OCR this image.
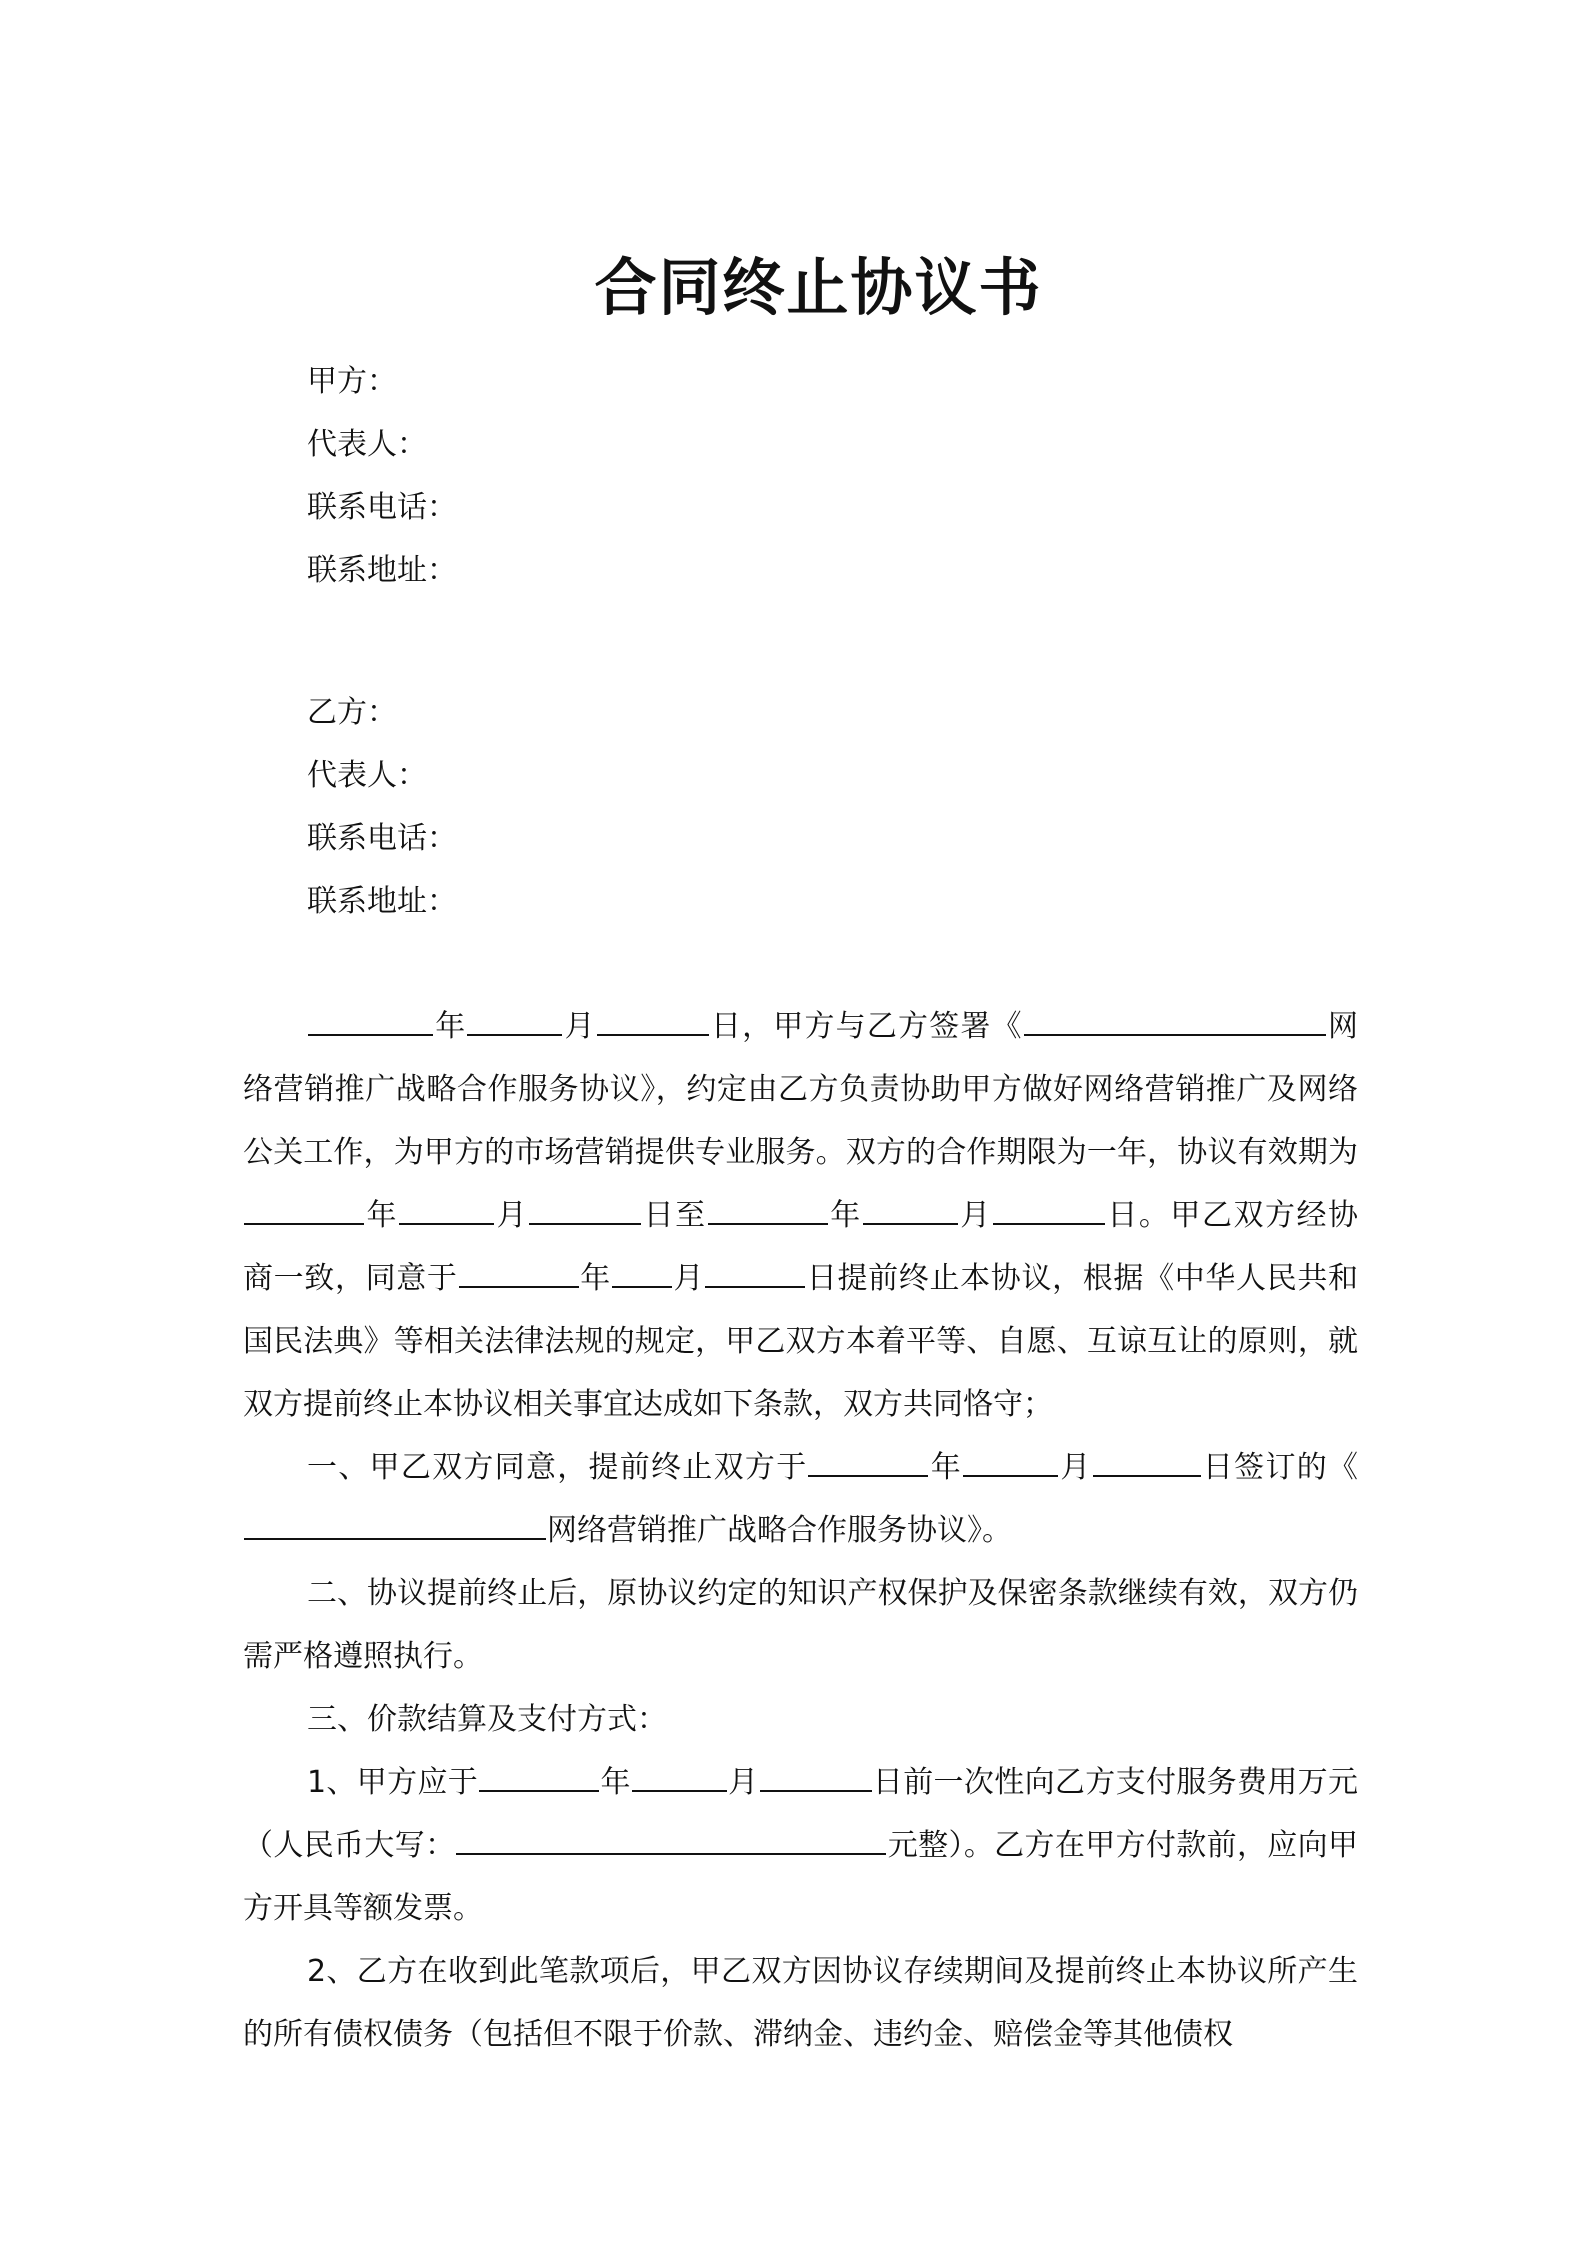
合同终止协议书
甲方：
代表人：
联系电话：
联系地址：
乙方：
代表人：
联系电话：
联系地址：

年	月	日，甲方与乙方签署《	网络营销推广战略合作服务协议》，约定由乙方负责协助甲方做好网络营销推广及网络公关工作，为甲方的市场营销提供专业服务。双方的合作期限为一年，协议有效期为年	月	日至	年	月	日。甲乙双方经协商一致，同意于	年 月	日提前终止本协议，根据《中华人民共和国民法典》等相关法律法规的规定，甲乙双方本着平等、自愿、互谅互让的原则，就双方提前终止本协议相关事宜达成如下条款，双方共同恪守；

一、甲乙双方同意，提前终止双方于	年	月	日签订的《网络营销推广战略合作服务协议》。

二、协议提前终止后，原协议约定的知识产权保护及保密条款继续有效，双方仍需严格遵照执行。

三、价款结算及支付方式：

1、甲方应于	年	月	日前一次性向乙方支付服务费用万元（人民币大写：	元整）。乙方在甲方付款前，应向甲方开具等额发票。

2、乙方在收到此笔款项后，甲乙双方因协议存续期间及提前终止本协议所产生的所有债权债务（包括但不限于价款、滞纳金、违约金、赔偿金等其他债权
